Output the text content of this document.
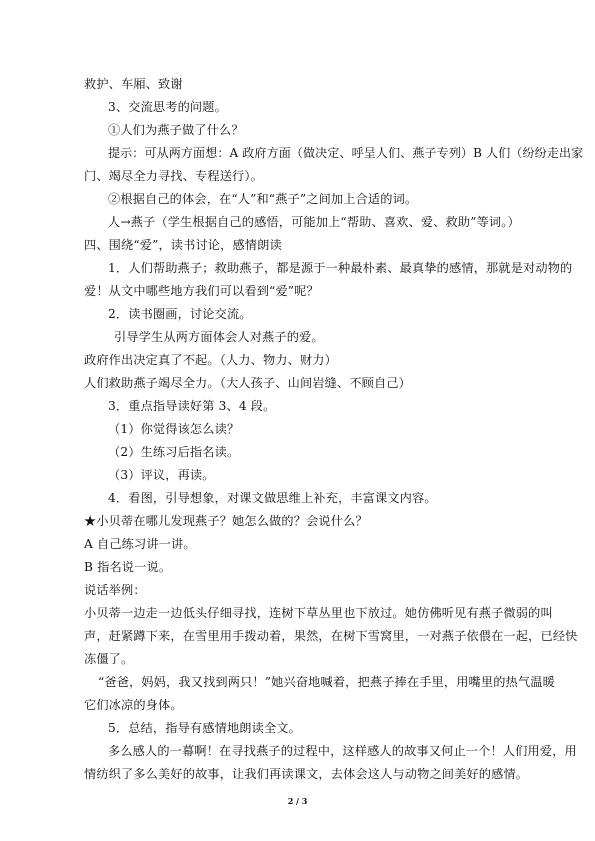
救护、车厢、致谢
3、交流思考的问题。
①人们为燕子做了什么？
提示：可从两方面想：A 政府方面（做决定、呼呈人们、燕子专列）B 人们（纷纷走出家
门、竭尽全力寻找、专程送行）。
②根据自己的体会，在“人”和“燕子”之间加上合适的词。
人→燕子（学生根据自己的感悟，可能加上“帮助、喜欢、爱、救助”等词。）
四、围绕“爱”，读书讨论，感情朗读
1．人们帮助燕子；救助燕子，都是源于一种最朴素、最真挚的感情，那就是对动物的
爱！从文中哪些地方我们可以看到“爱”呢？
2．读书圈画，讨论交流。
引导学生从两方面体会人对燕子的爱。
政府作出决定真了不起。（人力、物力、财力）
人们救助燕子竭尽全力。（大人孩子、山间岩缝、不顾自己）
3．重点指导读好第 3、4 段。
（1）你觉得该怎么读？
（2）生练习后指名读。
（3）评议，再读。
4．看图，引导想象，对课文做思维上补充，丰富课文内容。
★小贝蒂在哪儿发现燕子？她怎么做的？会说什么？
A 自己练习讲一讲。
B 指名说一说。
说话举例：
小贝蒂一边走一边低头仔细寻找，连树下草丛里也下放过。她仿佛听见有燕子微弱的叫
声，赶紧蹲下来，在雪里用手拨动着，果然，在树下雪窝里，一对燕子依偎在一起，已经快
冻僵了。
“爸爸，妈妈，我又找到两只！”她兴奋地喊着，把燕子捧在手里，用嘴里的热气温暖
它们冰凉的身体。
5．总结，指导有感情地朗读全文。
多么感人的一幕啊！在寻找燕子的过程中，这样感人的故事又何止一个！人们用爱，用
情纺织了多么美好的故事，让我们再读课文，去体会这人与动物之间美好的感情。
2 / 3
